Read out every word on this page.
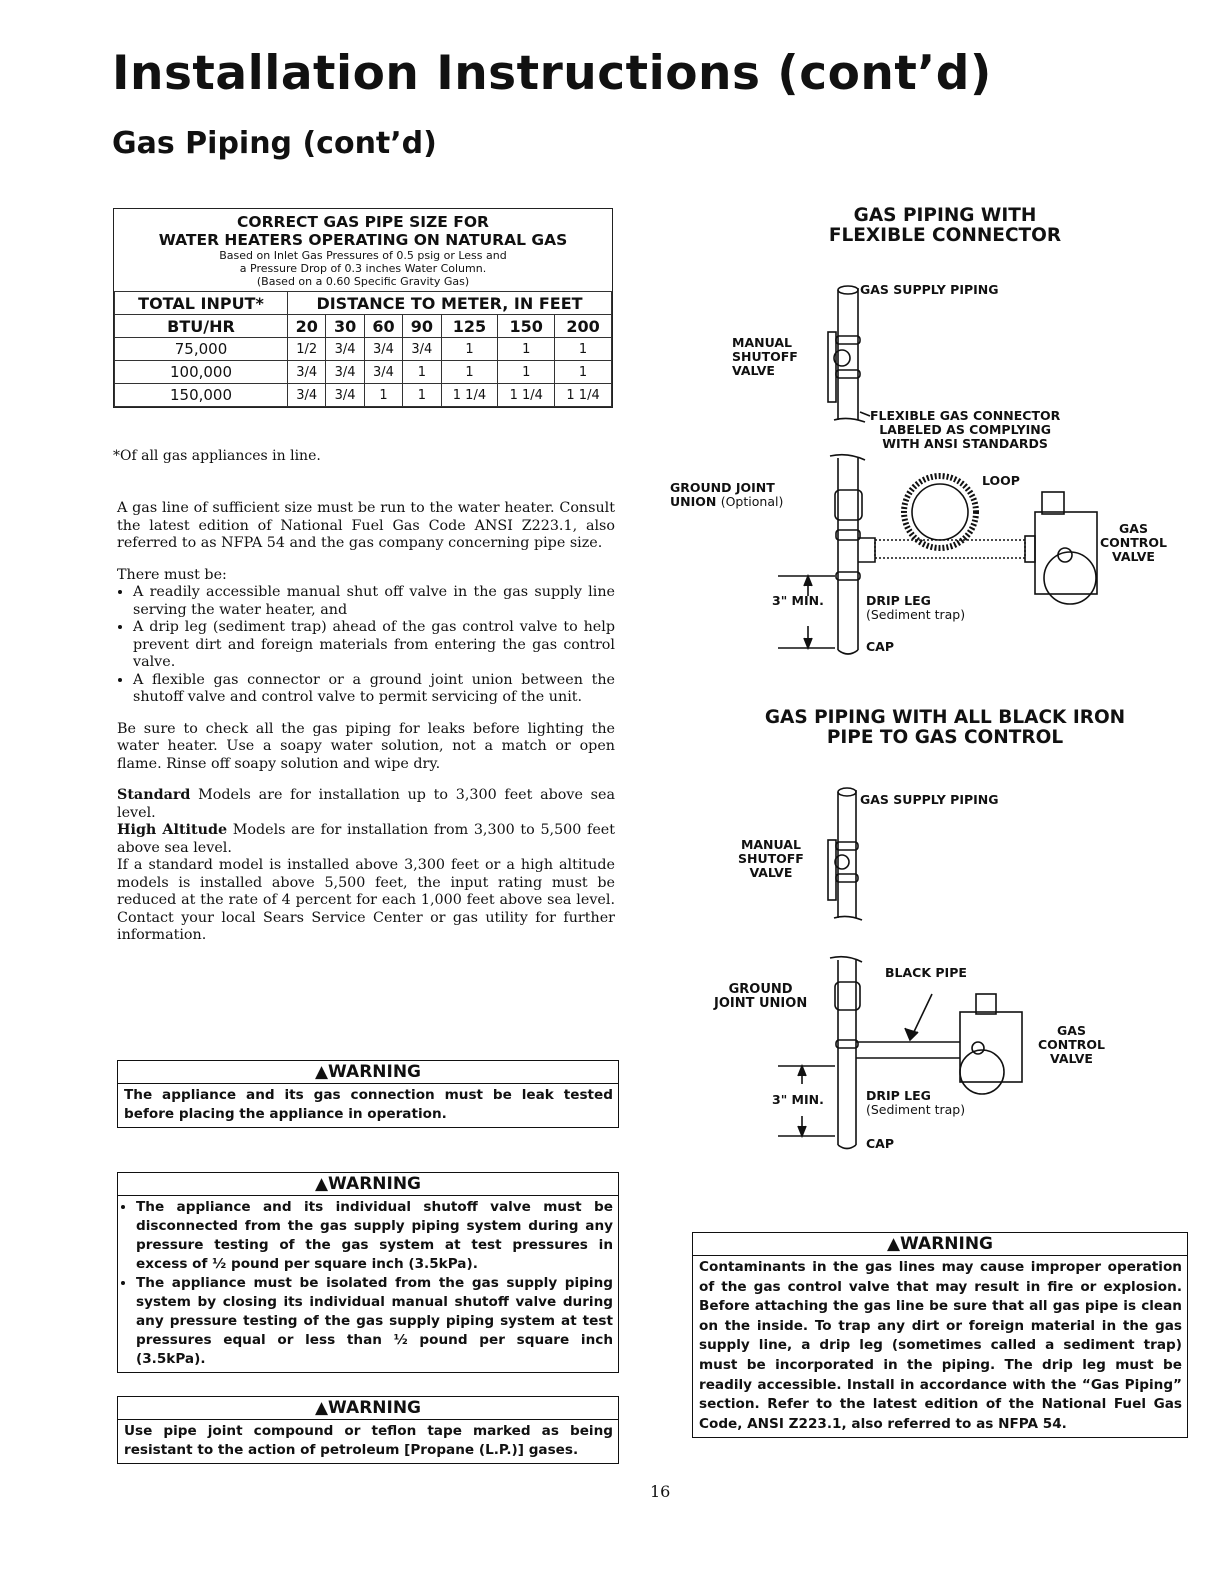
Installation Instructions (cont’d)
Gas Piping (cont’d)
CORRECT GAS PIPE SIZE FOR
WATER HEATERS OPERATING ON NATURAL GAS
Based on Inlet Gas Pressures of 0.5 psig or Less and
a Pressure Drop of 0.3 inches Water Column.
(Based on a 0.60 Specific Gravity Gas)
TOTAL INPUT*	DISTANCE TO METER, IN FEET						
BTU/HR	20	30	60	90	125	150	200
75,000	1/2	3/4	3/4	3/4	1	1	1
100,000	3/4	3/4	3/4	1	1	1	1
150,000	3/4	3/4	1	1	1 1/4	1 1/4	1 1/4
*Of all gas appliances in line.

A gas line of sufficient size must be run to the water heater. Consult the latest edition of National Fuel Gas Code ANSI Z223.1, also referred to as NFPA 54 and the gas company concerning pipe size.

There must be:
• A readily accessible manual shut off valve in the gas supply line serving the water heater, and
• A drip leg (sediment trap) ahead of the gas control valve to help prevent dirt and foreign materials from entering the gas control valve.
• A flexible gas connector or a ground joint union between the shutoff valve and control valve to permit servicing of the unit.

Be sure to check all the gas piping for leaks before lighting the water heater. Use a soapy water solution, not a match or open flame. Rinse off soapy solution and wipe dry.

Standard Models are for installation up to 3,300 feet above sea level.
High Altitude Models are for installation from 3,300 to 5,500 feet above sea level.
If a standard model is installed above 3,300 feet or a high altitude models is installed above 5,500 feet, the input rating must be reduced at the rate of 4 percent for each 1,000 feet above sea level. Contact your local Sears Service Center or gas utility for further information.
▲WARNING
The appliance and its gas connection must be leak tested before placing the appliance in operation.
▲WARNING
• The appliance and its individual shutoff valve must be disconnected from the gas supply piping system during any pressure testing of the gas system at test pressures in excess of ½ pound per square inch (3.5kPa).
• The appliance must be isolated from the gas supply piping system by closing its individual manual shutoff valve during any pressure testing of the gas supply piping system at test pressures equal or less than ½ pound per square inch (3.5kPa).
▲WARNING
Use pipe joint compound or teflon tape marked as being resistant to the action of petroleum [Propane (L.P.)] gases.
▲WARNING
Contaminants in the gas lines may cause improper operation of the gas control valve that may result in fire or explosion. Before attaching the gas line be sure that all gas pipe is clean on the inside. To trap any dirt or foreign material in the gas supply line, a drip leg (sometimes called a sediment trap) must be incorporated in the piping. The drip leg must be readily accessible. Install in accordance with the “Gas Piping” section. Refer to the latest edition of the National Fuel Gas Code, ANSI Z223.1, also referred to as NFPA 54.
GAS PIPING WITH
FLEXIBLE CONNECTOR
GAS SUPPLY PIPING
MANUAL
SHUTOFF
VALVE
FLEXIBLE GAS CONNECTOR
LABELED AS COMPLYING
WITH ANSI STANDARDS
GROUND JOINT
UNION (Optional)
LOOP
GAS
CONTROL
VALVE
3" MIN.	DRIP LEG
(Sediment trap)
CAP
GAS PIPING WITH ALL BLACK IRON
PIPE TO GAS CONTROL
GAS SUPPLY PIPING
MANUAL
SHUTOFF
VALVE
GROUND
JOINT UNION
BLACK PIPE
GAS
CONTROL
VALVE
3" MIN.	DRIP LEG
(Sediment trap)
CAP
16
